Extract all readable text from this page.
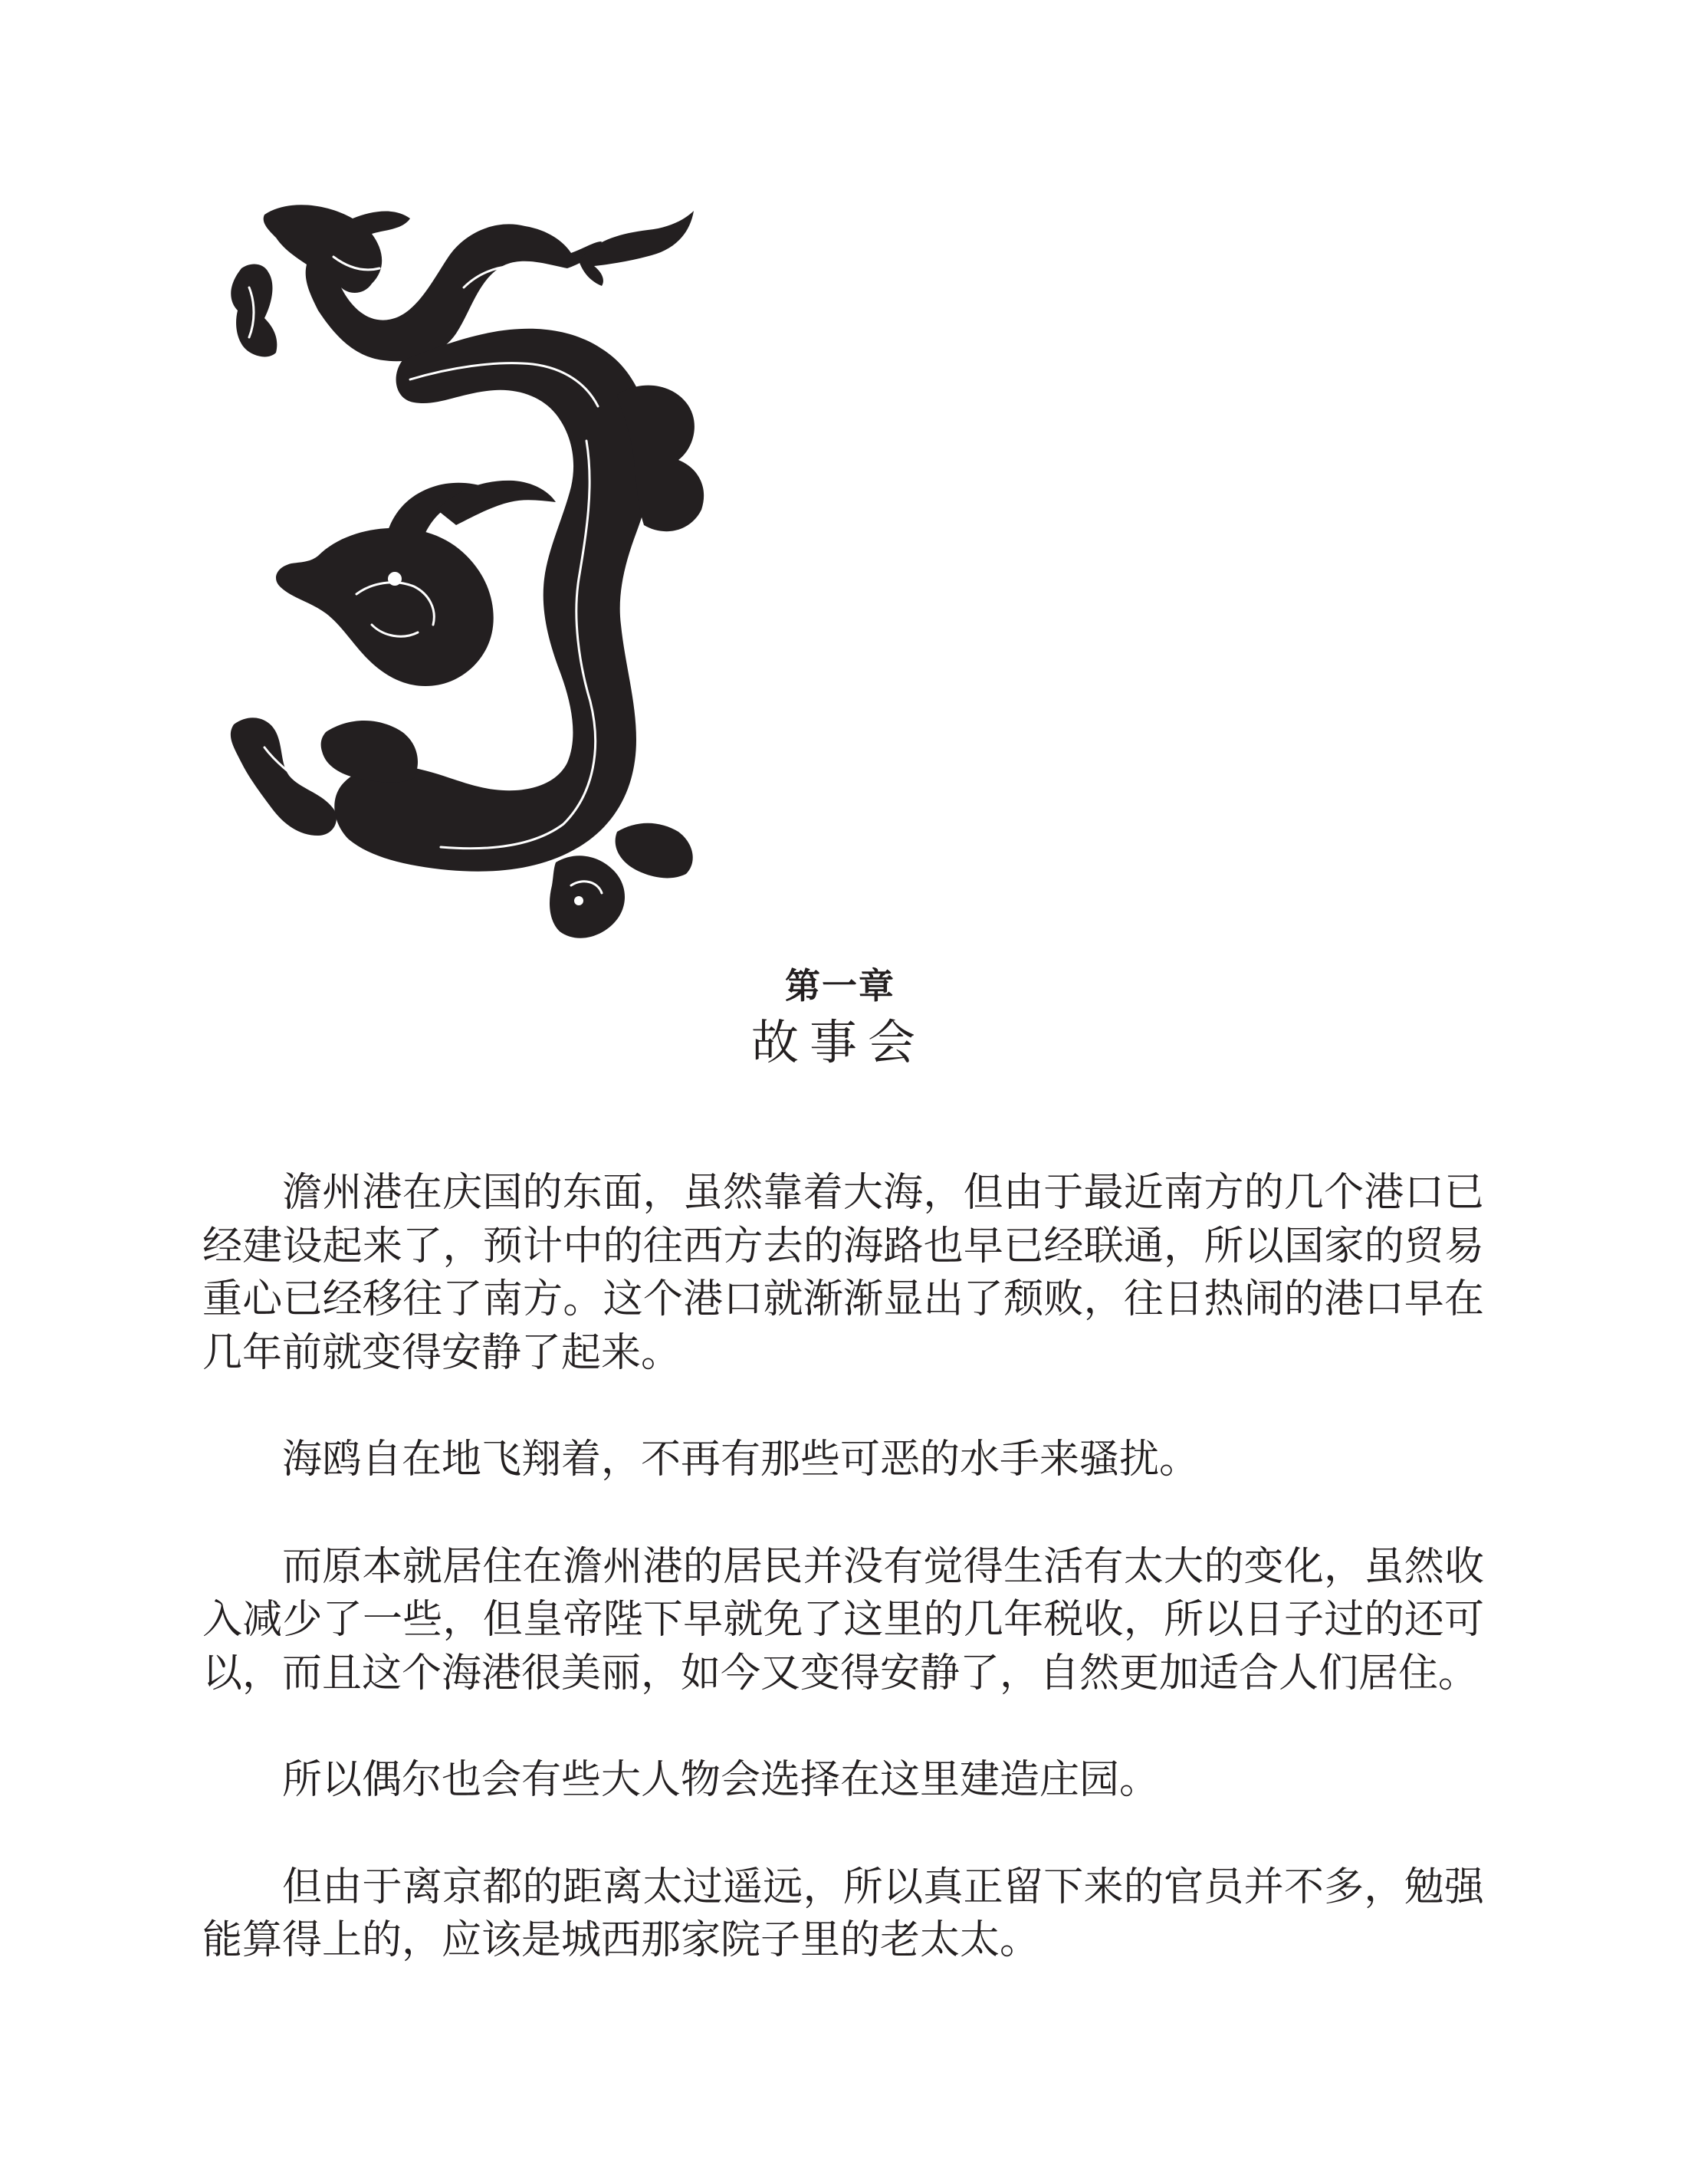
第一章
故事会

澹州港在庆国的东面，虽然靠着大海，但由于最近南方的几个港口已经建设起来了，预计中的往西方去的海路也早已经联通，所以国家的贸易重心已经移往了南方。这个港口就渐渐显出了颓败，往日热闹的港口早在几年前就变得安静了起来。

海鸥自在地飞翔着，不再有那些可恶的水手来骚扰。

而原本就居住在澹州港的居民并没有觉得生活有太大的变化，虽然收入减少了一些，但皇帝陛下早就免了这里的几年税收，所以日子过的还可以，而且这个海港很美丽，如今又变得安静了，自然更加适合人们居住。

所以偶尔也会有些大人物会选择在这里建造庄园。

但由于离京都的距离太过遥远，所以真正留下来的官员并不多，勉强能算得上的，应该是城西那家院子里的老太太。
